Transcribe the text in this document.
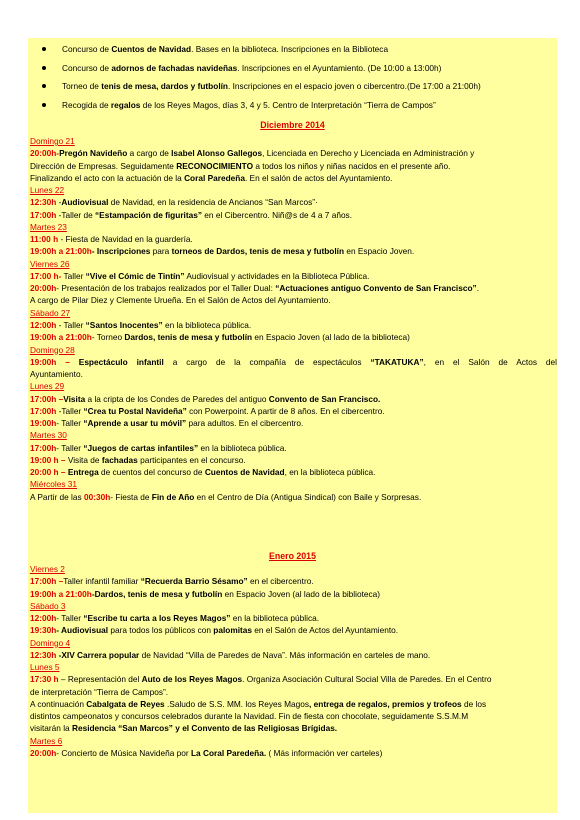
Concurso de Cuentos de Navidad. Bases en la biblioteca. Inscripciones en la Biblioteca
Concurso de adornos de fachadas navideñas. Inscripciones en el Ayuntamiento. (De 10:00 a 13:00h)
Torneo de tenis de mesa, dardos y futbolín. Inscripciones en el espacio joven o cibercentro.(De 17:00 a 21:00h)
Recogida de regalos de los Reyes Magos, días 3, 4 y 5. Centro de Interpretación “Tierra de Campos”
Diciembre 2014
Domingo 21
20:00h-Pregón Navideño a cargo de Isabel Alonso Gallegos, Licenciada en Derecho y Licenciada en Administración y
Dirección de Empresas. Seguidamente RECONOCIMIENTO a todos los niños y niñas nacidos en el presente año.
Finalizando el acto con la actuación de la Coral Paredeña. En el salón de actos del Ayuntamiento.
Lunes 22
12:30h -Audiovisual de Navidad, en la residencia de Ancianos “San Marcos”·
17:00h -Taller de “Estampación de figuritas” en el Cibercentro. Niñ@s de 4 a 7 años.
Martes 23
11:00 h - Fiesta de Navidad en la guardería.
19:00h a 21:00h- Inscripciones para torneos de Dardos, tenis de mesa y futbolín en Espacio Joven.
Viernes 26
17:00 h- Taller “Vive el Cómic de Tintín” Audiovisual y actividades en la Biblioteca Pública.
20:00h- Presentación de los trabajos realizados por el Taller Dual: “Actuaciones antiguo Convento de San Francisco”.
A cargo de Pilar Diez y Clemente Urueña. En el Salón de Actos del Ayuntamiento.
Sábado 27
12:00h - Taller “Santos Inocentes” en la biblioteca pública.
19:00h a 21:00h- Torneo Dardos, tenis de mesa y futbolín en Espacio Joven (al lado de la biblioteca)
Domingo 28
19:00h – Espectáculo infantil a cargo de la compañía de espectáculos “TAKATUKA”, en el Salón de Actos del
Ayuntamiento.
Lunes 29
17:00h –Visita a la cripta de los Condes de Paredes del antiguo Convento de San Francisco.
17:00h -Taller “Crea tu Postal Navideña” con Powerpoint. A partir de 8 años. En el cibercentro.
19:00h- Taller “Aprende a usar tu móvil” para adultos. En el cibercentro.
Martes 30
17:00h- Taller “Juegos de cartas infantiles” en la biblioteca pública.
19:00 h – Visita de fachadas participantes en el concurso.
20:00 h – Entrega de cuentos del concurso de Cuentos de Navidad, en la biblioteca pública.
Miércoles 31
A Partir de las 00:30h- Fiesta de Fin de Año en el Centro de Día (Antigua Sindical) con Baile y Sorpresas.
Enero 2015
Viernes 2
17:00h –Taller infantil familiar “Recuerda Barrio Sésamo” en el cibercentro.
19:00h a 21:00h-Dardos, tenis de mesa y futbolín en Espacio Joven (al lado de la biblioteca)
Sábado 3
12:00h- Taller “Escribe tu carta a los Reyes Magos” en la biblioteca pública.
19:30h- Audiovisual para todos los públicos con palomitas en el Salón de Actos del Ayuntamiento.
Domingo 4
12:30h -XIV Carrera popular de Navidad “Villa de Paredes de Nava”. Más información en carteles de mano.
Lunes 5
17:30 h – Representación del Auto de los Reyes Magos. Organiza Asociación Cultural Social Villa de Paredes. En el Centro
de interpretación “Tierra de Campos”.
A continuación Cabalgata de Reyes .Saludo de S.S. MM. los Reyes Magos, entrega de regalos, premios y trofeos de los
distintos campeonatos y concursos celebrados durante la Navidad. Fin de fiesta con chocolate, seguidamente S.S.M.M
visitarán la Residencia “San Marcos” y el Convento de las Religiosas Brígidas.
Martes 6
20:00h- Concierto de Música Navideña por La Coral Paredeña. ( Más información ver carteles)
